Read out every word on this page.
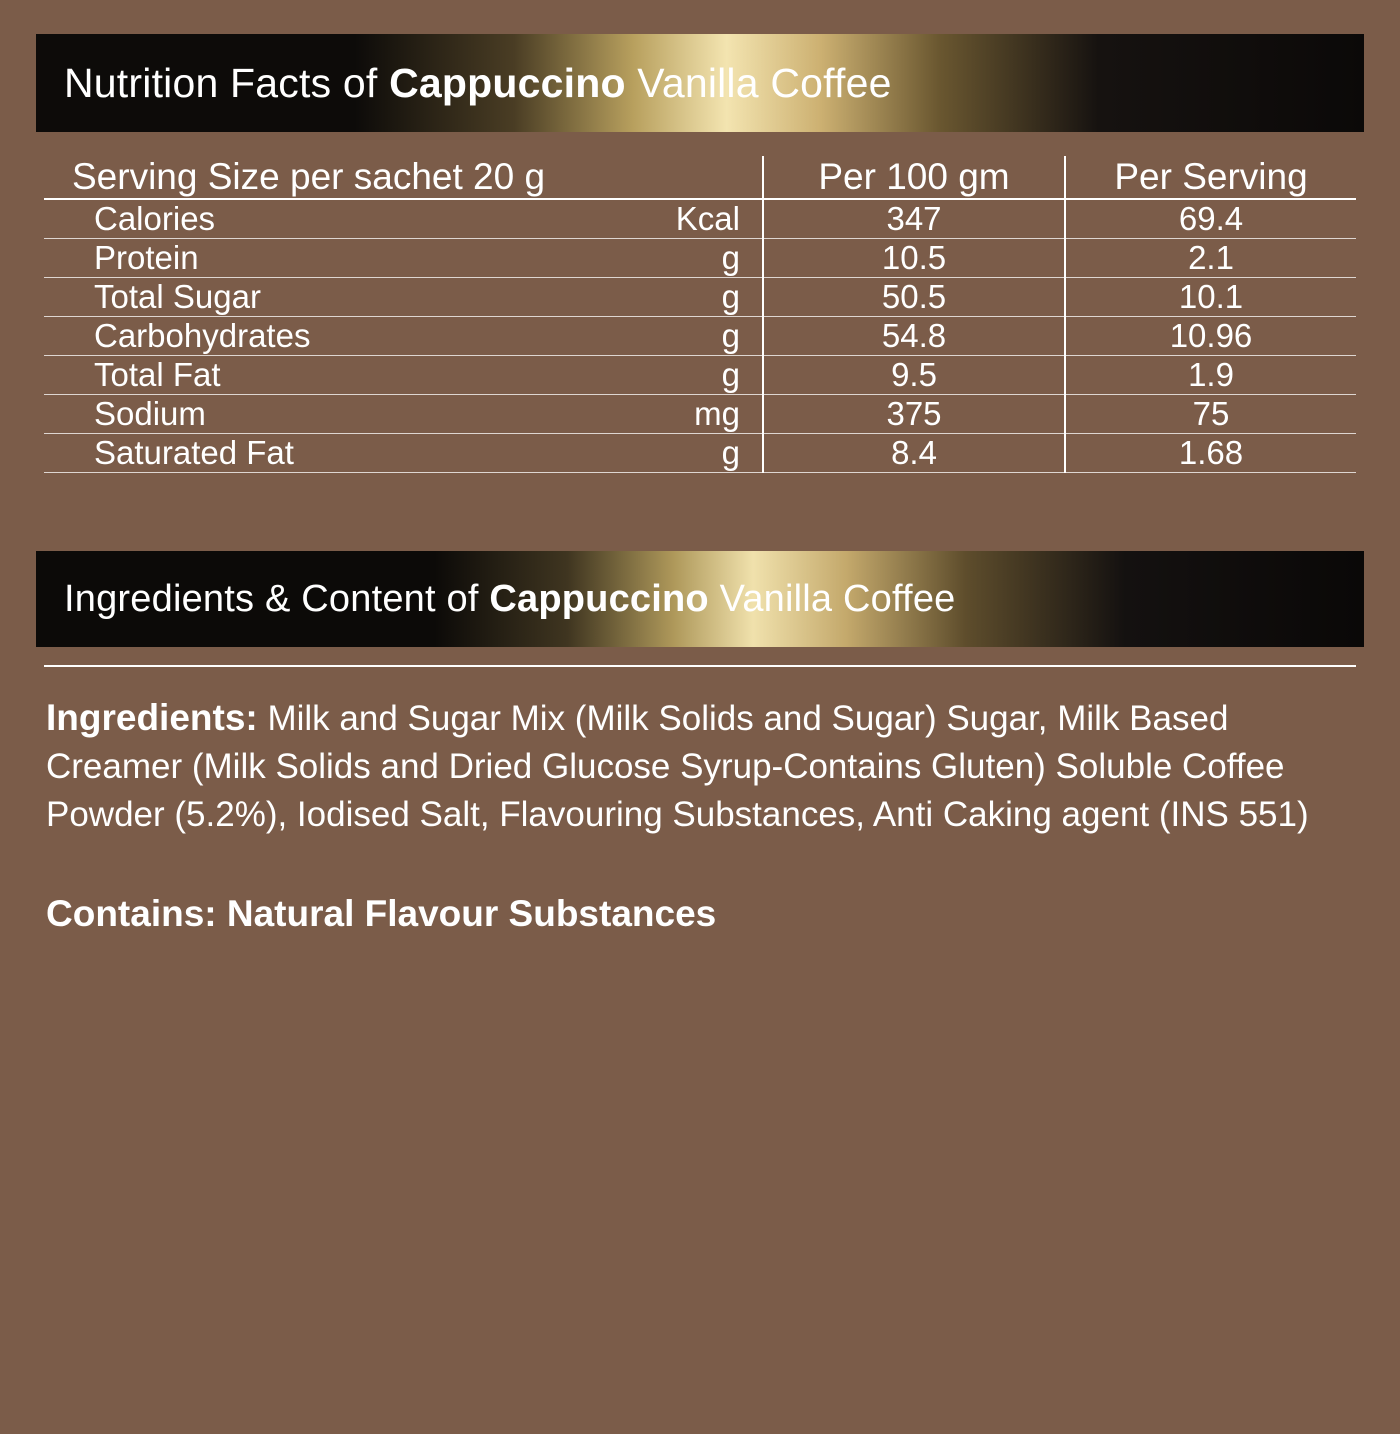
Nutrition Facts of Cappuccino Vanilla Coffee
Serving Size per sachet 20 g		Per 100 gm	Per Serving
Calories	Kcal	347	69.4
Protein	g	10.5	2.1
Total Sugar	g	50.5	10.1
Carbohydrates	g	54.8	10.96
Total Fat	g	9.5	1.9
Sodium	mg	375	75
Saturated Fat	g	8.4	1.68
Ingredients & Content of Cappuccino Vanilla Coffee
Ingredients: Milk and Sugar Mix (Milk Solids and Sugar) Sugar, Milk Based Creamer (Milk Solids and Dried Glucose Syrup-Contains Gluten) Soluble Coffee Powder (5.2%), Iodised Salt, Flavouring Substances, Anti Caking agent (INS 551)
Contains: Natural Flavour Substances
